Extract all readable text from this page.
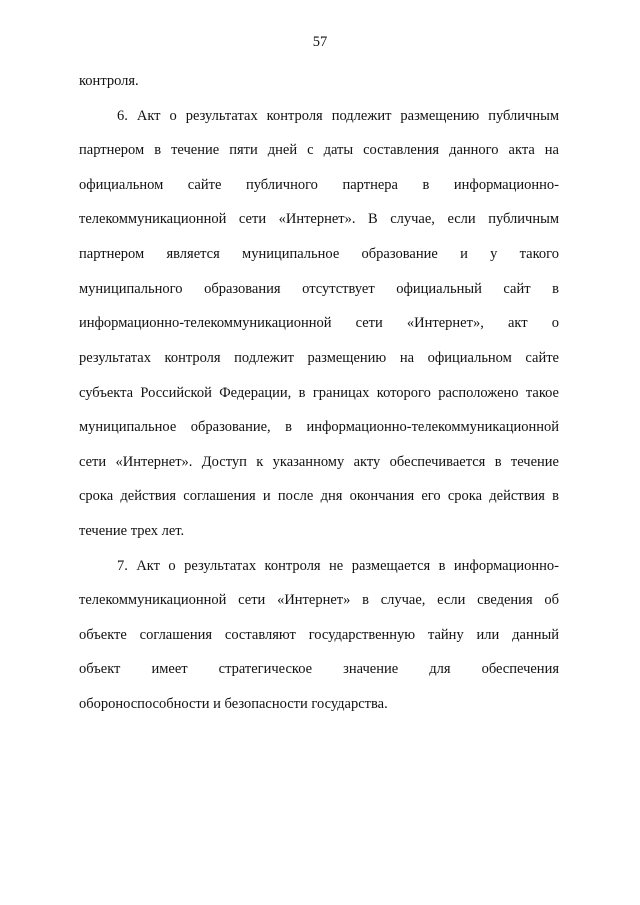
57
контроля.
6. Акт о результатах контроля подлежит размещению публичным
партнером в течение пяти дней с даты составления данного акта на
официальном сайте публичного партнера в информационно-
телекоммуникационной сети «Интернет». В случае, если публичным
партнером является муниципальное образование и у такого
муниципального образования отсутствует официальный сайт в
информационно-телекоммуникационной сети «Интернет», акт о
результатах контроля подлежит размещению на официальном сайте
субъекта Российской Федерации, в границах которого расположено такое
муниципальное образование, в информационно-телекоммуникационной
сети «Интернет». Доступ к указанному акту обеспечивается в течение
срока действия соглашения и после дня окончания его срока действия в
течение трех лет.
7. Акт о результатах контроля не размещается в информационно-
телекоммуникационной сети «Интернет» в случае, если сведения об
объекте соглашения составляют государственную тайну или данный
объект имеет стратегическое значение для обеспечения
обороноспособности и безопасности государства.
